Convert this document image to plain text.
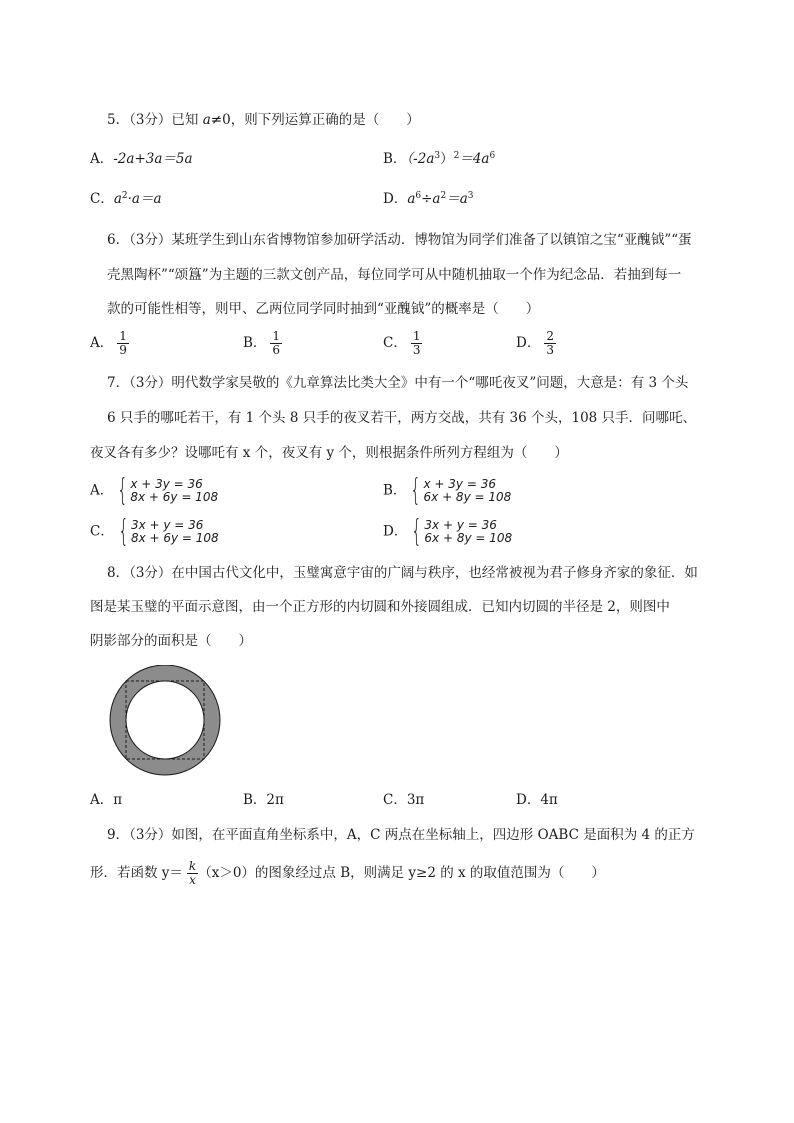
5．（3分）已知 a≠0，则下列运算正确的是（　　）
A．-2a+3a＝5a	B．$(-2a^3)^2=4a^6$
C．$a^2\cdot a=a$	D．$a^6\div a^2=a^3$
6．（3分）某班学生到山东省博物馆参加研学活动．博物馆为同学们准备了以镇馆之宝“亚醜钺”“蛋
壳黑陶杯”“颂簋”为主题的三款文创产品，每位同学可从中随机抽取一个作为纪念品．若抽到每一
款的可能性相等，则甲、乙两位同学同时抽到“亚醜钺”的概率是（　　）
A． $\frac{1}{9}$	B． $\frac{1}{6}$	C． $\frac{1}{3}$	D． $\frac{2}{3}$
7．（3分）明代数学家吴敬的《九章算法比类大全》中有一个“哪吒夜叉”问题，大意是：有 3 个头
6 只手的哪吒若干，有 1 个头 8 只手的夜叉若干，两方交战，共有 36 个头，108 只手．问哪吒、
夜叉各有多少？设哪吒有 x 个，夜叉有 y 个，则根据条件所列方程组为（　　）
A． { x + 3y = 36
8x + 6y = 108	B． { x + 3y = 36
6x + 8y = 108
C． { 3x + y = 36
8x + 6y = 108	D． { 3x + y = 36
6x + 8y = 108
8．（3分）在中国古代文化中，玉璧寓意宇宙的广阔与秩序，也经常被视为君子修身齐家的象征．如
图是某玉璧的平面示意图，由一个正方形的内切圆和外接圆组成．已知内切圆的半径是 2，则图中
阴影部分的面积是（　　）
A．π	B．2π	C．3π	D．4π
9．（3分）如图，在平面直角坐标系中，A，C 两点在坐标轴上，四边形 OABC 是面积为 4 的正方
形．若函数 $y= \frac{k}{x} (x>0)$的图象经过点 B，则满足 y≥2 的 x 的取值范围为（　　）
